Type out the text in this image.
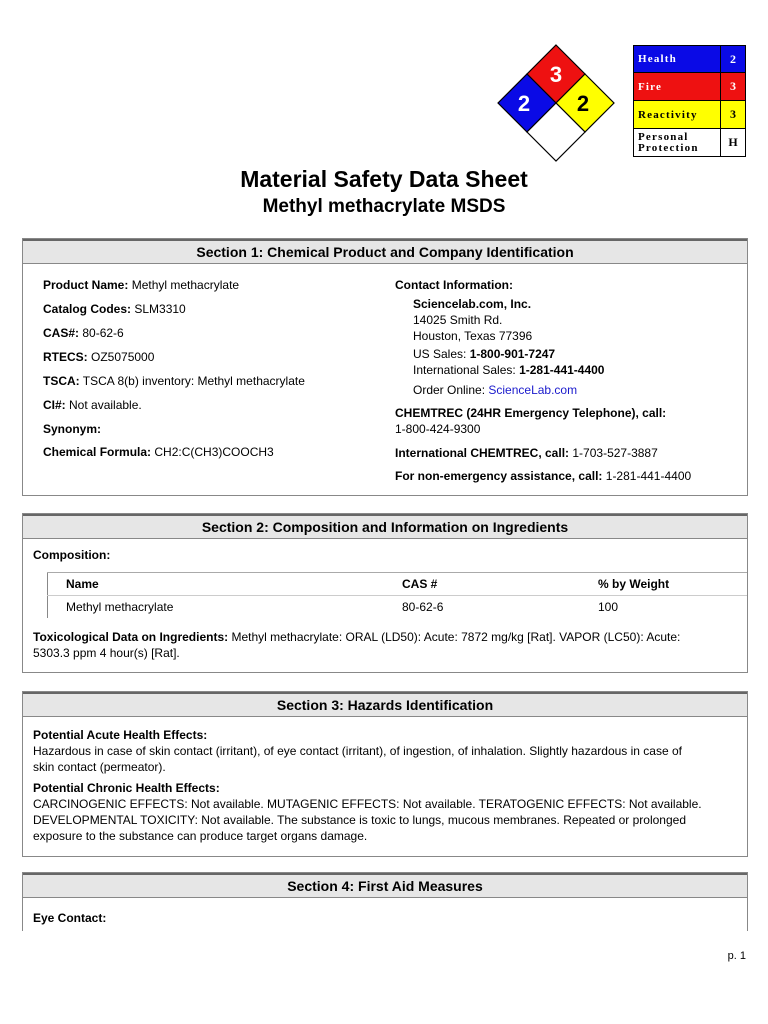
3
2 2
Health	2
Fire	3
Reactivity	3
Personal
Protection	H
Material Safety Data Sheet
Methyl methacrylate MSDS
Section 1: Chemical Product and Company Identification
Product Name: Methyl methacrylate
Catalog Codes: SLM3310
CAS#: 80-62-6
RTECS: OZ5075000
TSCA: TSCA 8(b) inventory: Methyl methacrylate
CI#: Not available.
Synonym:
Chemical Formula: CH2:C(CH3)COOCH3
Contact Information:
Sciencelab.com, Inc.
14025 Smith Rd.
Houston, Texas 77396
US Sales: 1-800-901-7247
International Sales: 1-281-441-4400
Order Online: ScienceLab.com
CHEMTREC (24HR Emergency Telephone), call:
1-800-424-9300
International CHEMTREC, call: 1-703-527-3887
For non-emergency assistance, call: 1-281-441-4400
Section 2: Composition and Information on Ingredients
Composition:
Name	CAS #	% by Weight
Methyl methacrylate	80-62-6	100
Toxicological Data on Ingredients: Methyl methacrylate: ORAL (LD50): Acute: 7872 mg/kg [Rat]. VAPOR (LC50): Acute:
5303.3 ppm 4 hour(s) [Rat].
Section 3: Hazards Identification
Potential Acute Health Effects:
Hazardous in case of skin contact (irritant), of eye contact (irritant), of ingestion, of inhalation. Slightly hazardous in case of
skin contact (permeator).
Potential Chronic Health Effects:
CARCINOGENIC EFFECTS: Not available. MUTAGENIC EFFECTS: Not available. TERATOGENIC EFFECTS: Not available.
DEVELOPMENTAL TOXICITY: Not available. The substance is toxic to lungs, mucous membranes. Repeated or prolonged
exposure to the substance can produce target organs damage.
Section 4: First Aid Measures
Eye Contact:
p. 1
